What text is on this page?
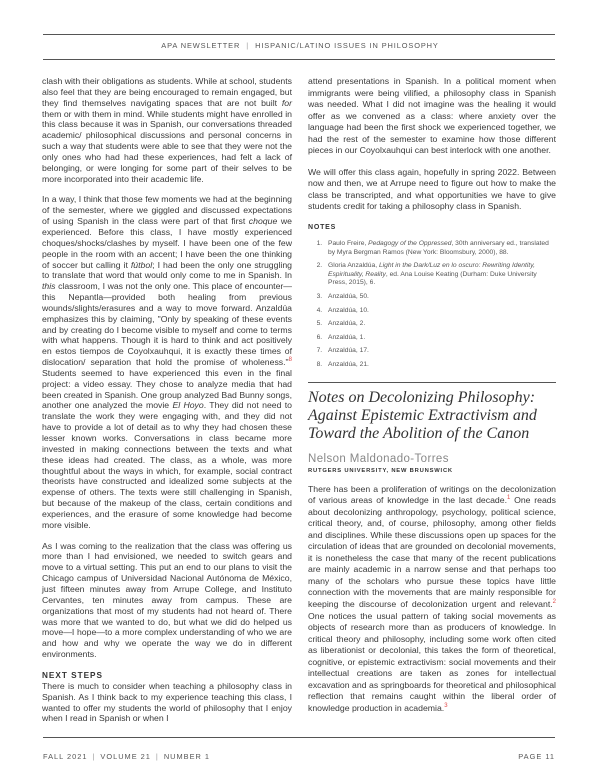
APA NEWSLETTER | HISPANIC/LATINO ISSUES IN PHILOSOPHY

clash with their obligations as students. While at school, students also feel that they are being encouraged to remain engaged, but they find themselves navigating spaces that are not built for them or with them in mind. While students might have enrolled in this class because it was in Spanish, our conversations threaded academic/ philosophical discussions and personal concerns in such a way that students were able to see that they were not the only ones who had had these experiences, had felt a lack of belonging, or were longing for some part of their selves to be more incorporated into their academic life.

In a way, I think that those few moments we had at the beginning of the semester, where we giggled and discussed expectations of using Spanish in the class were part of that first choque we experienced. Before this class, I have mostly experienced choques/shocks/clashes by myself. I have been one of the few people in the room with an accent; I have been the one thinking of soccer but calling it fútbol; I had been the only one struggling to translate that word that would only come to me in Spanish. In this classroom, I was not the only one. This place of encounter—this Nepantla—provided both healing from previous wounds/slights/erasures and a way to move forward. Anzaldúa emphasizes this by claiming, "Only by speaking of these events and by creating do I become visible to myself and come to terms with what happens. Though it is hard to think and act positively en estos tiempos de Coyolxauhqui, it is exactly these times of dislocation/ separation that hold the promise of wholeness."$^8$ Students seemed to have experienced this even in the final project: a video essay. They chose to analyze media that had been created in Spanish. One group analyzed Bad Bunny songs, another one analyzed the movie El Hoyo. They did not need to translate the work they were engaging with, and they did not have to provide a lot of detail as to why they had chosen these lesser known works. Conversations in class became more invested in making connections between the texts and what these ideas had created. The class, as a whole, was more thoughtful about the ways in which, for example, social contract theorists have constructed and idealized some subjects at the expense of others. The texts were still challenging in Spanish, but because of the makeup of the class, certain conditions and experiences, and the erasure of some knowledge had become more visible.

As I was coming to the realization that the class was offering us more than I had envisioned, we needed to switch gears and move to a virtual setting. This put an end to our plans to visit the Chicago campus of Universidad Nacional Autónoma de México, just fifteen minutes away from Arrupe College, and Instituto Cervantes, ten minutes away from campus. These are organizations that most of my students had not heard of. There was more that we wanted to do, but what we did do helped us move—I hope—to a more complex understanding of who we are and how and why we operate the way we do in different environments.

NEXT STEPS

There is much to consider when teaching a philosophy class in Spanish. As I think back to my experience teaching this class, I wanted to offer my students the world of philosophy that I enjoy when I read in Spanish or when I

attend presentations in Spanish. In a political moment when immigrants were being vilified, a philosophy class in Spanish was needed. What I did not imagine was the healing it would offer as we convened as a class: where anxiety over the language had been the first shock we experienced together, we had the rest of the semester to examine how those different pieces in our Coyolxauhqui can best interlock with one another.

We will offer this class again, hopefully in spring 2022. Between now and then, we at Arrupe need to figure out how to make the class be transcripted, and what opportunities we have to give students credit for taking a philosophy class in Spanish.

NOTES
1. Paulo Freire, Pedagogy of the Oppressed, 30th anniversary ed., translated by Myra Bergman Ramos (New York: Bloomsbury, 2000), 88.
2. Gloria Anzaldúa, Light in the Dark/Luz en lo oscuro: Rewriting Identity, Espirituality, Reality, ed. Ana Louise Keating (Durham: Duke University Press, 2015), 6.
3. Anzaldúa, 50.
4. Anzaldúa, 10.
5. Anzaldúa, 2.
6. Anzaldúa, 1.
7. Anzaldúa, 17.
8. Anzaldúa, 21.
Notes on Decolonizing Philosophy:
Against Epistemic Extractivism and
Toward the Abolition of the Canon
Nelson Maldonado-Torres
RUTGERS UNIVERSITY, NEW BRUNSWICK

There has been a proliferation of writings on the decolonization of various areas of knowledge in the last decade.$^1$ One reads about decolonizing anthropology, psychology, political science, critical theory, and, of course, philosophy, among other fields and disciplines. While these discussions open up spaces for the circulation of ideas that are grounded on decolonial movements, it is nonetheless the case that many of the recent publications are mainly academic in a narrow sense and that perhaps too many of the scholars who pursue these topics have little connection with the movements that are mainly responsible for keeping the discourse of decolonization urgent and relevant.$^2$ One notices the usual pattern of taking social movements as objects of research more than as producers of knowledge. In critical theory and philosophy, including some work often cited as liberationist or decolonial, this takes the form of theoretical, cognitive, or epistemic extractivism: social movements and their intellectual creations are taken as zones for intellectual excavation and as springboards for theoretical and philosophical reflection that remains caught within the liberal order of knowledge production in academia.$^3$

FALL 2021 | VOLUME 21 | NUMBER 1	PAGE 11
